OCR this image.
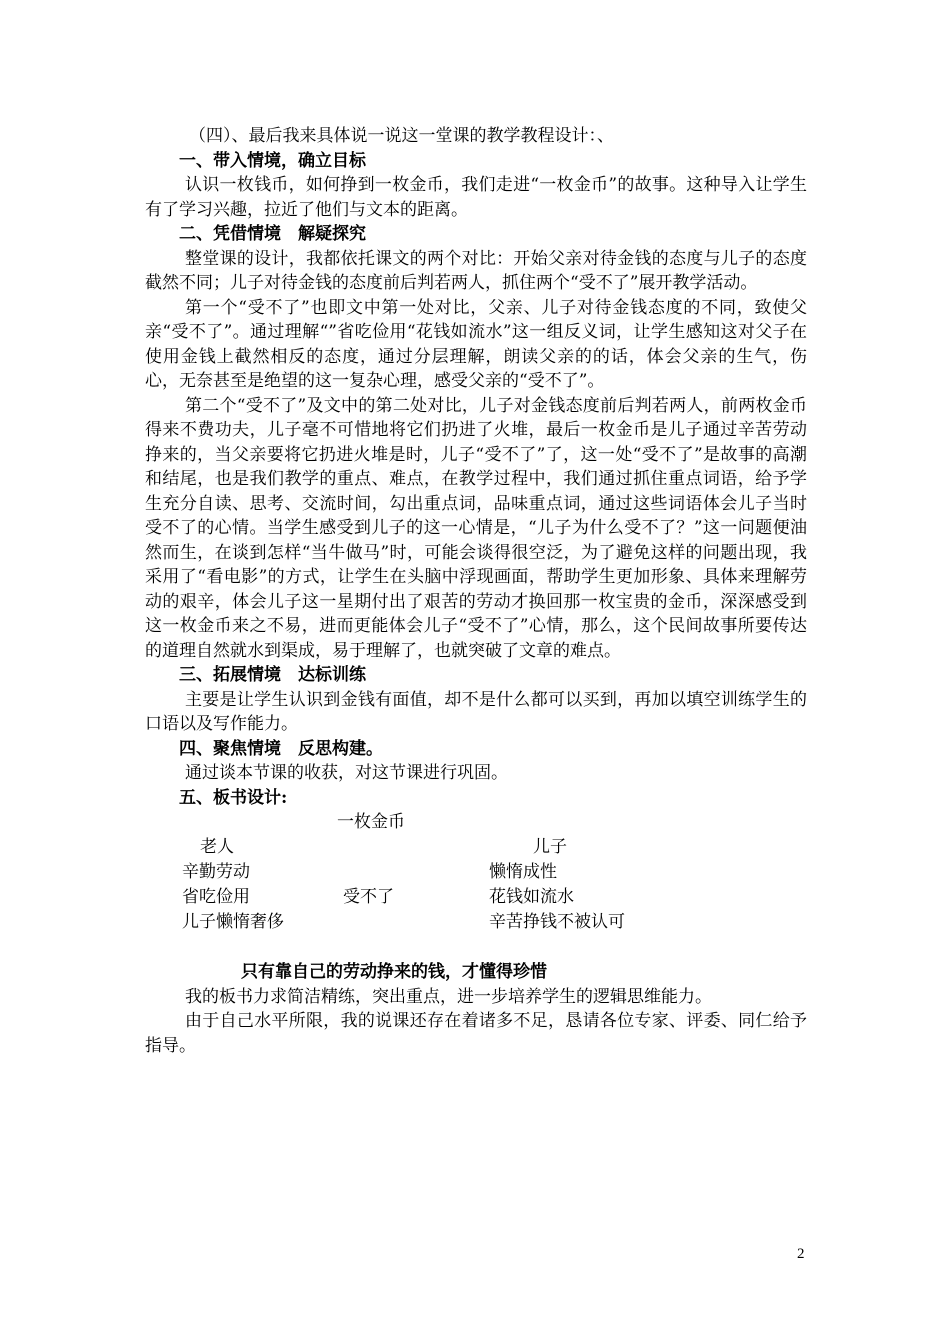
（四）、最后我来具体说一说这一堂课的教学教程设计：、

一、带入情境，确立目标

认识一枚钱币，如何挣到一枚金币，我们走进“一枚金币”的故事。这种导入让学生有了学习兴趣，拉近了他们与文本的距离。

二、凭借情境　解疑探究

整堂课的设计，我都依托课文的两个对比：开始父亲对待金钱的态度与儿子的态度截然不同；儿子对待金钱的态度前后判若两人，抓住两个“受不了”展开教学活动。

第一个“受不了”也即文中第一处对比，父亲、儿子对待金钱态度的不同，致使父亲“受不了”。通过理解“”省吃俭用“花钱如流水”这一组反义词，让学生感知这对父子在使用金钱上截然相反的态度，通过分层理解，朗读父亲的的话，体会父亲的生气，伤心，无奈甚至是绝望的这一复杂心理，感受父亲的“受不了”。

第二个“受不了”及文中的第二处对比，儿子对金钱态度前后判若两人，前两枚金币得来不费功夫，儿子毫不可惜地将它们扔进了火堆，最后一枚金币是儿子通过辛苦劳动挣来的，当父亲要将它扔进火堆是时，儿子“受不了”了，这一处“受不了”是故事的高潮和结尾，也是我们教学的重点、难点，在教学过程中，我们通过抓住重点词语，给予学生充分自读、思考、交流时间，勾出重点词，品味重点词，通过这些词语体会儿子当时受不了的心情。当学生感受到儿子的这一心情是，“儿子为什么受不了？”这一问题便油然而生，在谈到怎样“当牛做马”时，可能会谈得很空泛，为了避免这样的问题出现，我采用了“看电影”的方式，让学生在头脑中浮现画面，帮助学生更加形象、具体来理解劳动的艰辛，体会儿子这一星期付出了艰苦的劳动才换回那一枚宝贵的金币，深深感受到这一枚金币来之不易，进而更能体会儿子“受不了”心情，那么，这个民间故事所要传达的道理自然就水到渠成，易于理解了，也就突破了文章的难点。

三、拓展情境　达标训练

主要是让学生认识到金钱有面值，却不是什么都可以买到，再加以填空训练学生的口语以及写作能力。

四、聚焦情境　反思构建。

通过谈本节课的收获，对这节课进行巩固。

五、板书设计:

一枚金币
老人	儿子
辛勤劳动	懒惰成性
省吃俭用	受不了	花钱如流水
儿子懒惰奢侈	辛苦挣钱不被认可

只有靠自己的劳动挣来的钱，才懂得珍惜

我的板书力求简洁精练，突出重点，进一步培养学生的逻辑思维能力。

由于自己水平所限，我的说课还存在着诸多不足，恳请各位专家、评委、同仁给予指导。

2
